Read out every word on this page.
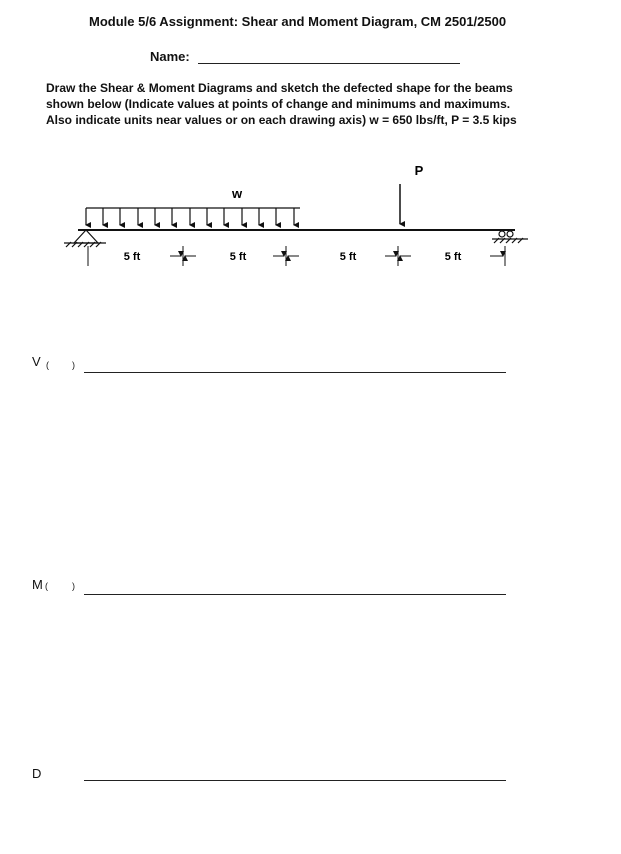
Module 5/6 Assignment: Shear and Moment Diagram, CM 2501/2500
Name:
Draw the Shear & Moment Diagrams and sketch the defected shape for the beams
shown below (Indicate values at points of change and minimums and maximums.
Also indicate units near values or on each drawing axis) w = 650 lbs/ft, P = 3.5 kips
w
P
5 ft	5 ft	5 ft	5 ft
V (	)
M (	)
D
